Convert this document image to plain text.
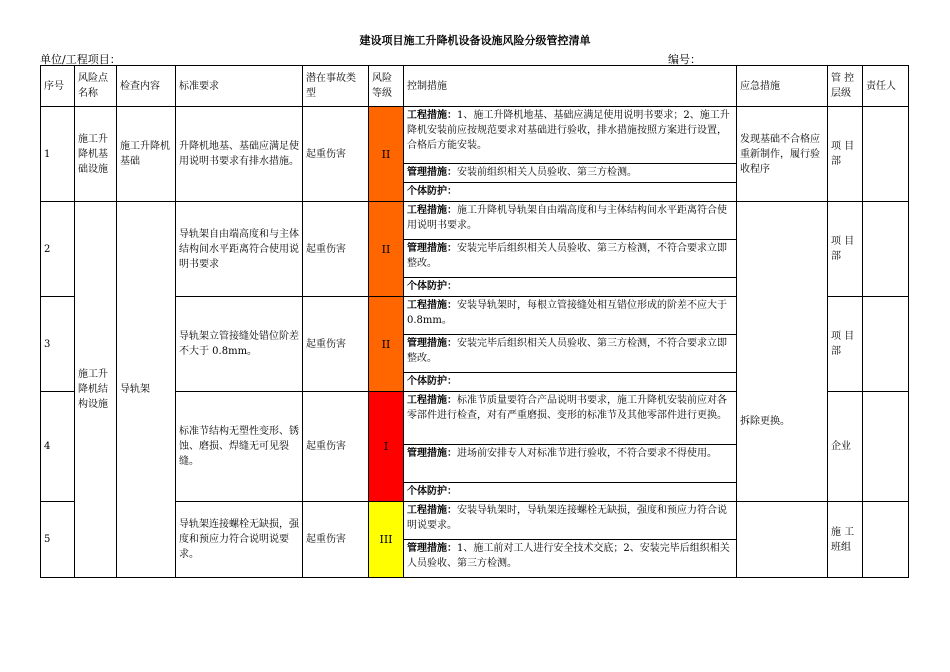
建设项目施工升降机设备设施风险分级管控清单
单位/工程项目：	编号：
序号	风险点名称	检查内容	标准要求	潜在事故类型	风险等级	控制措施	应急措施	管 控层级	责任人
1	施工升降机基础设施	施工升降机基础	升降机地基、基础应满足使用说明书要求有排水措施。	起重伤害	II	工程措施：1、施工升降机地基、基础应满足使用说明书要求；2、施工升降机安装前应按规范要求对基础进行验收，排水措施按照方案进行设置，合格后方能安装。	发现基础不合格应重新制作，履行验收程序	项 目部	
						管理措施：安装前组织相关人员验收、第三方检测。			
						个体防护：			
2	施工升降机结构设施	导轨架	导轨架自由端高度和与主体结构间水平距离符合使用说明书要求	起重伤害	II	工程措施：施工升降机导轨架自由端高度和与主体结构间水平距离符合使用说明书要求。	拆除更换。	项 目部	
						管理措施：安装完毕后组织相关人员验收、第三方检测，不符合要求立即整改。			
						个体防护：			
3			导轨架立管接缝处错位阶差不大于 0.8mm。	起重伤害	II	工程措施：安装导轨架时，每根立管接缝处相互错位形成的阶差不应大于 0.8mm。		项 目部	
						管理措施：安装完毕后组织相关人员验收、第三方检测，不符合要求立即整改。			
						个体防护：			
4			标准节结构无塑性变形、锈蚀、磨损、焊缝无可见裂缝。	起重伤害	I	工程措施：标准节质量要符合产品说明书要求，施工升降机安装前应对各零部件进行检查，对有严重磨损、变形的标准节及其他零部件进行更换。		企业	
						管理措施：进场前安排专人对标准节进行验收，不符合要求不得使用。			
						个体防护：			
5			导轨架连接螺栓无缺损，强度和预应力符合说明说要求。	起重伤害	III	工程措施：安装导轨架时，导轨架连接螺栓无缺损，强度和预应力符合说明说要求。		施 工班组	
						管理措施：1、施工前对工人进行安全技术交底；2、安装完毕后组织相关人员验收、第三方检测。			
